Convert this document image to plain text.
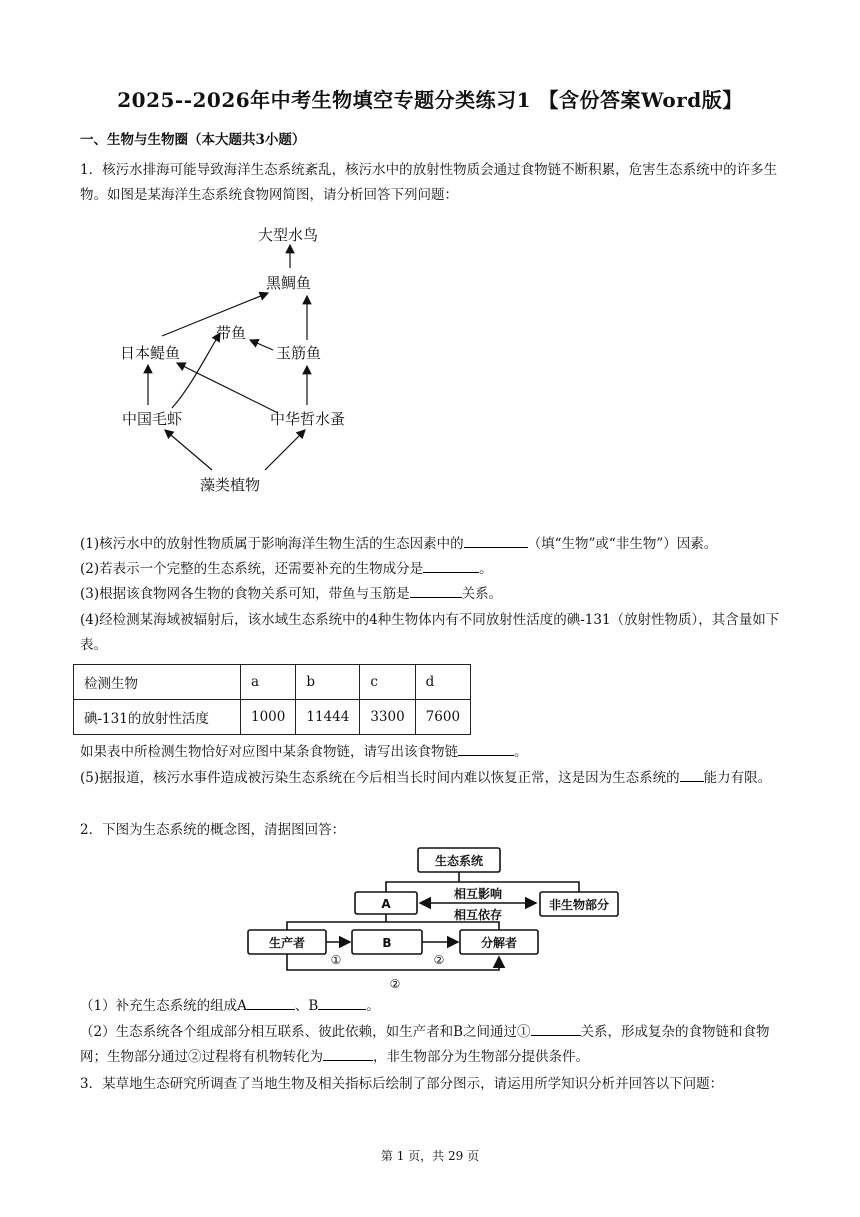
2025--2026年中考生物填空专题分类练习1 【含份答案Word版】
一、生物与生物圈（本大题共3小题）
1．核污水排海可能导致海洋生态系统紊乱，核污水中的放射性物质会通过食物链不断积累，危害生态系统中的许多生物。如图是某海洋生态系统食物网简图，请分析回答下列问题：
大型水鸟
黑鲷鱼
带鱼
日本鳀鱼	玉筋鱼
中国毛虾	中华哲水蚤
藻类植物
(1)核污水中的放射性物质属于影响海洋生物生活的生态因素中的	（填“生物”或“非生物”）因素。
(2)若表示一个完整的生态系统，还需要补充的生物成分是	。
(3)根据该食物网各生物的食物关系可知，带鱼与玉筋是	关系。
(4)经检测某海域被辐射后，该水域生态系统中的4种生物体内有不同放射性活度的碘-131（放射性物质），其含量如下表。
检测生物	a	b	c	d
碘-131的放射性活度	1000	11444	3300	7600
如果表中所检测生物恰好对应图中某条食物链，请写出该食物链	。
(5)据报道，核污水事件造成被污染生态系统在今后相当长时间内难以恢复正常，这是因为生态系统的 能力有限。
2．下图为生态系统的概念图，清据图回答：
生态系统
A	非生物部分
相互影响
相互依存
生产者	B	分解者
①	②
②
（1）补充生态系统的组成A	、B	。
（2）生态系统各个组成部分相互联系、彼此依赖，如生产者和B之间通过①	关系，形成复杂的食物链和食物网；生物部分通过②过程将有机物转化为	，非生物部分为生物部分提供条件。
3．某草地生态研究所调查了当地生物及相关指标后绘制了部分图示，请运用所学知识分析并回答以下问题：
第 1 页，共 29 页
